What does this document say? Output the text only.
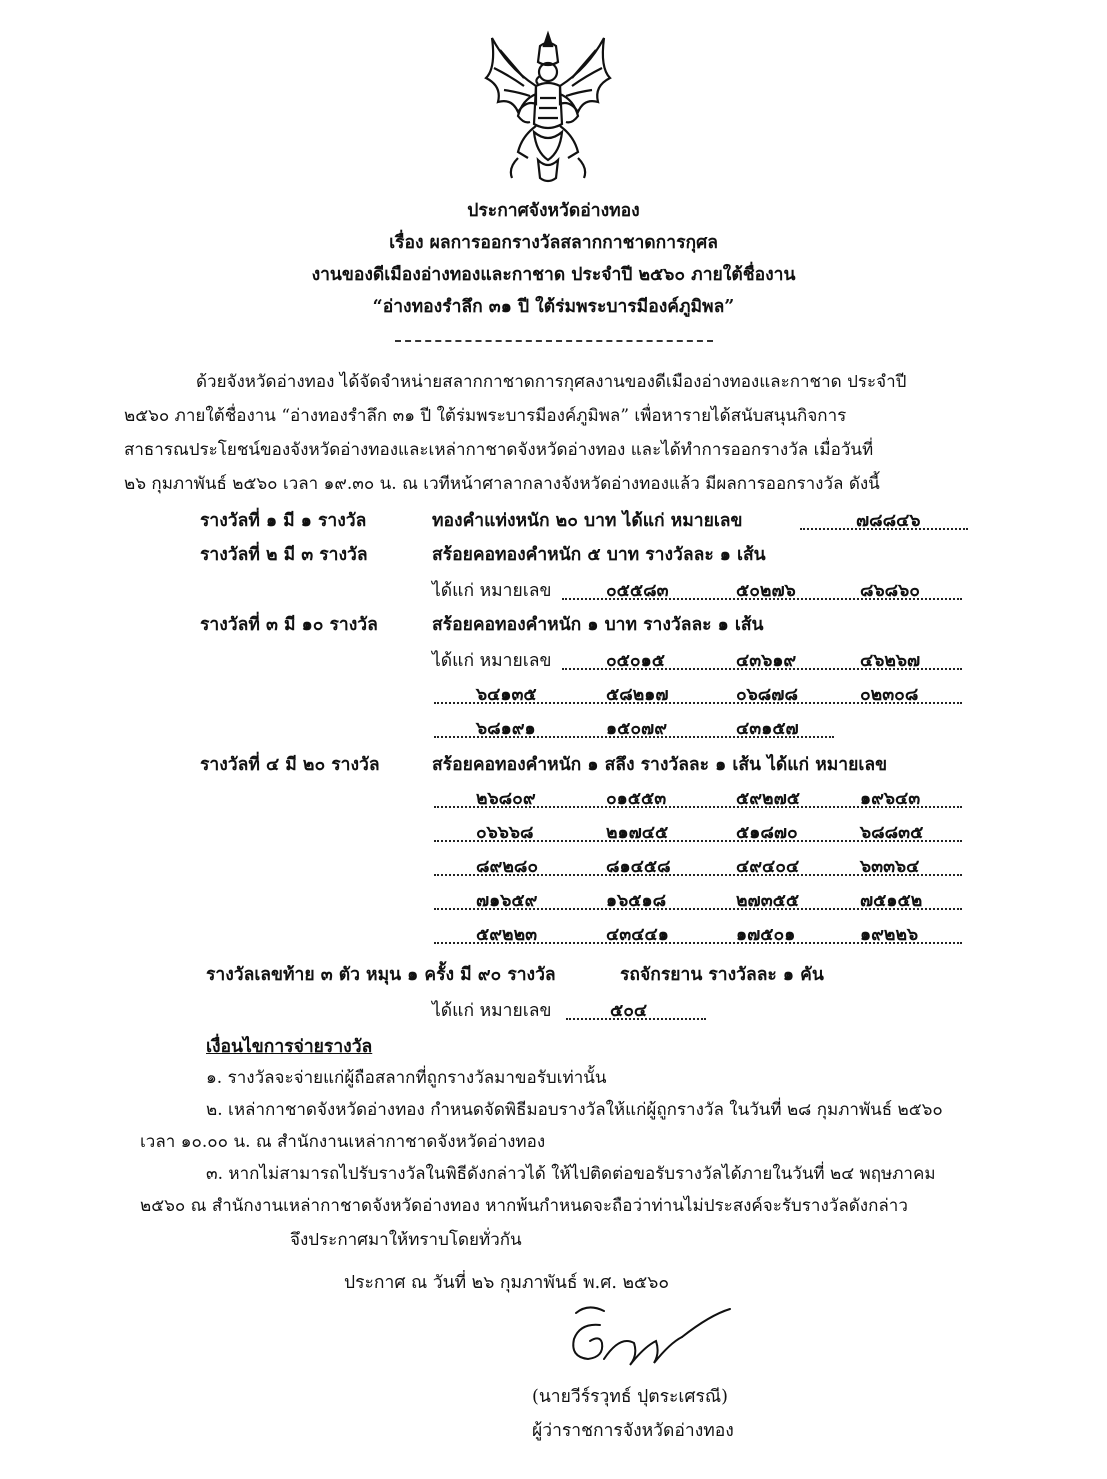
ประกาศจังหวัดอ่างทอง
เรื่อง ผลการออกรางวัลสลากกาชาดการกุศล
งานของดีเมืองอ่างทองและกาชาด ประจำปี ๒๕๖๐ ภายใต้ชื่องาน
“อ่างทองรำลึก ๓๑ ปี ใต้ร่มพระบารมีองค์ภูมิพล”
ด้วยจังหวัดอ่างทอง ได้จัดจำหน่ายสลากกาชาดการกุศลงานของดีเมืองอ่างทองและกาชาด ประจำปี
๒๕๖๐ ภายใต้ชื่องาน “อ่างทองรำลึก ๓๑ ปี ใต้ร่มพระบารมีองค์ภูมิพล” เพื่อหารายได้สนับสนุนกิจการ
สาธารณประโยชน์ของจังหวัดอ่างทองและเหล่ากาชาดจังหวัดอ่างทอง และได้ทำการออกรางวัล เมื่อวันที่
๒๖ กุมภาพันธ์ ๒๕๖๐ เวลา ๑๙.๓๐ น. ณ เวทีหน้าศาลากลางจังหวัดอ่างทองแล้ว มีผลการออกรางวัล ดังนี้
รางวัลที่ ๑ มี ๑ รางวัล	ทองคำแท่งหนัก ๒๐ บาท ได้แก่ หมายเลข	๗๘๘๔๖
รางวัลที่ ๒ มี ๓ รางวัล	สร้อยคอทองคำหนัก ๕ บาท รางวัลละ ๑ เส้น
ได้แก่ หมายเลข	๐๕๕๘๓	๕๐๒๗๖	๘๖๘๖๐
รางวัลที่ ๓ มี ๑๐ รางวัล	สร้อยคอทองคำหนัก ๑ บาท รางวัลละ ๑ เส้น
ได้แก่ หมายเลข	๐๕๐๑๕	๔๓๖๑๙	๔๖๒๖๗
๖๔๑๓๕	๕๘๒๑๗	๐๖๘๗๘	๐๒๓๐๘
๖๘๑๙๑	๑๕๐๗๙	๔๓๑๕๗
รางวัลที่ ๔ มี ๒๐ รางวัล	สร้อยคอทองคำหนัก ๑ สลึง รางวัลละ ๑ เส้น ได้แก่ หมายเลข
๒๖๘๐๙	๐๑๕๕๓	๕๙๒๗๕	๑๙๖๔๓
๐๖๖๖๘	๒๑๗๔๕	๕๑๘๗๐	๖๘๘๓๕
๘๙๒๘๐	๘๑๔๕๘	๔๙๔๐๔	๖๓๓๖๔
๗๑๖๕๙	๑๖๕๑๘	๒๗๓๕๕	๗๕๑๕๒
๕๙๒๒๓	๔๓๔๔๑	๑๗๕๐๑	๑๙๒๒๖
รางวัลเลขท้าย ๓ ตัว หมุน ๑ ครั้ง มี ๙๐ รางวัล	รถจักรยาน รางวัลละ ๑ คัน
ได้แก่ หมายเลข	๕๐๔
เงื่อนไขการจ่ายรางวัล
๑. รางวัลจะจ่ายแก่ผู้ถือสลากที่ถูกรางวัลมาขอรับเท่านั้น
๒. เหล่ากาชาดจังหวัดอ่างทอง กำหนดจัดพิธีมอบรางวัลให้แก่ผู้ถูกรางวัล ในวันที่ ๒๘ กุมภาพันธ์ ๒๕๖๐
เวลา ๑๐.๐๐ น. ณ สำนักงานเหล่ากาชาดจังหวัดอ่างทอง
๓. หากไม่สามารถไปรับรางวัลในพิธีดังกล่าวได้ ให้ไปติดต่อขอรับรางวัลได้ภายในวันที่ ๒๔ พฤษภาคม
๒๕๖๐ ณ สำนักงานเหล่ากาชาดจังหวัดอ่างทอง หากพ้นกำหนดจะถือว่าท่านไม่ประสงค์จะรับรางวัลดังกล่าว
จึงประกาศมาให้ทราบโดยทั่วกัน
ประกาศ ณ วันที่ ๒๖ กุมภาพันธ์ พ.ศ. ๒๕๖๐
(นายวีร์รวุทธ์ ปุตระเศรณี)
ผู้ว่าราชการจังหวัดอ่างทอง
